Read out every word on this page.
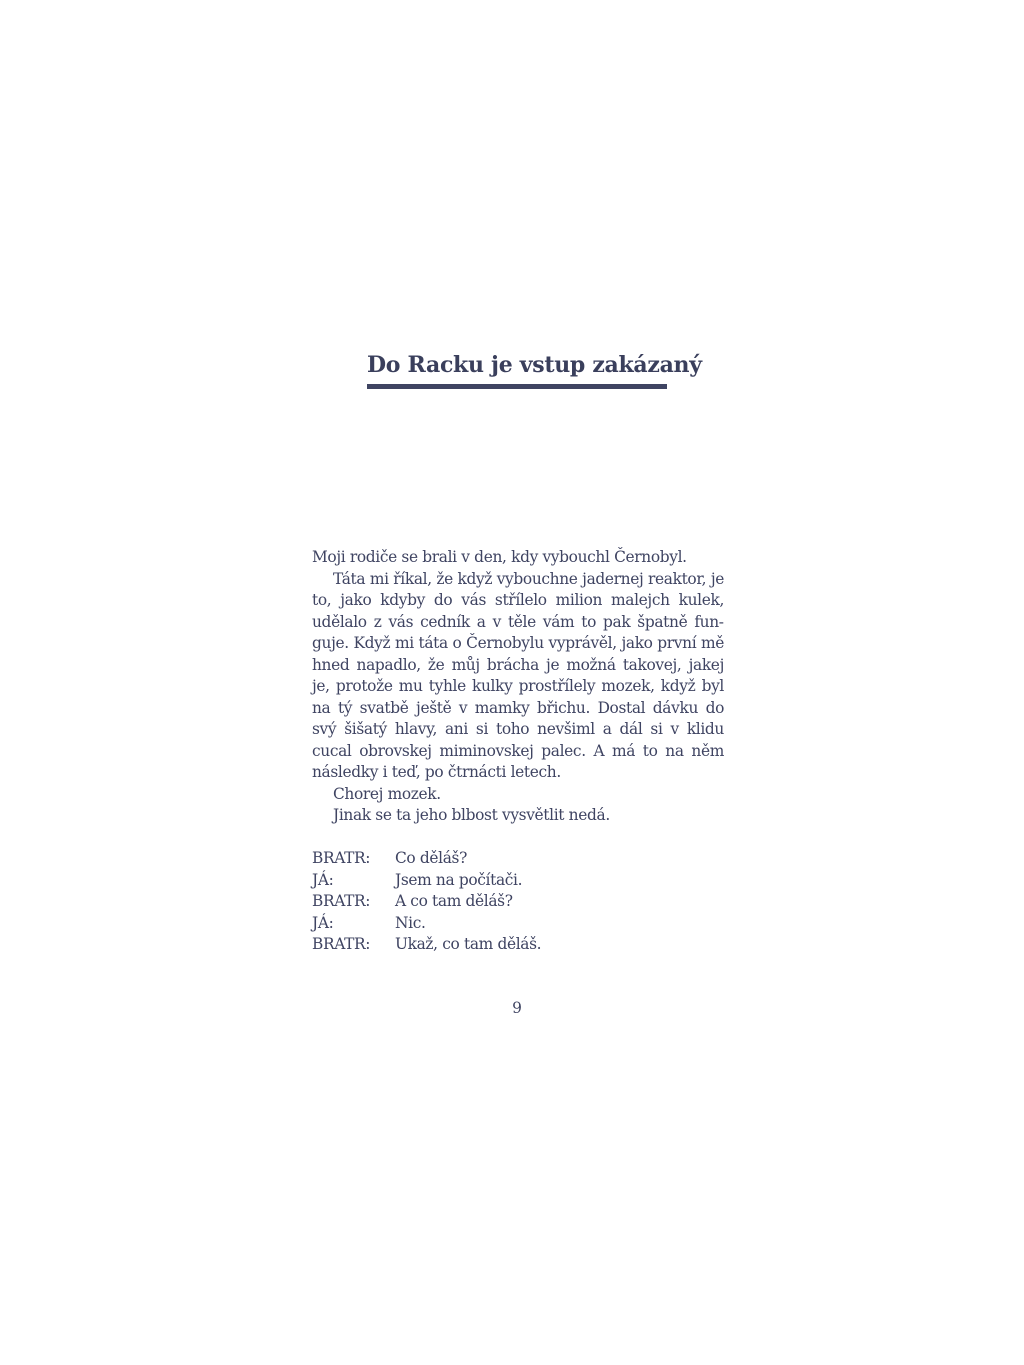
Do Racku je vstup zakázaný

Moji rodiče se brali v den, kdy vybouchl Černobyl.

Táta mi říkal, že když vybouchne jadernej reaktor, je to, jako kdyby do vás střílelo milion malejch kulek, udělalo z vás cedník a v těle vám to pak špatně funguje. Když mi táta o Černobylu vyprávěl, jako první mě hned napadlo, že můj brácha je možná takovej, jakej je, protože mu tyhle kulky prostřílely mozek, když byl na tý svatbě ještě v mamky břichu. Dostal dávku do svý šišatý hlavy, ani si toho nevšiml a dál si v klidu cucal obrovskej miminovskej palec. A má to na něm následky i teď, po čtrnácti letech.

Chorej mozek.

Jinak se ta jeho blbost vysvětlit nedá.

BRATR:	Co děláš?
JÁ:	Jsem na počítači.
BRATR:	A co tam děláš?
JÁ:	Nic.
BRATR:	Ukaž, co tam děláš.
9
